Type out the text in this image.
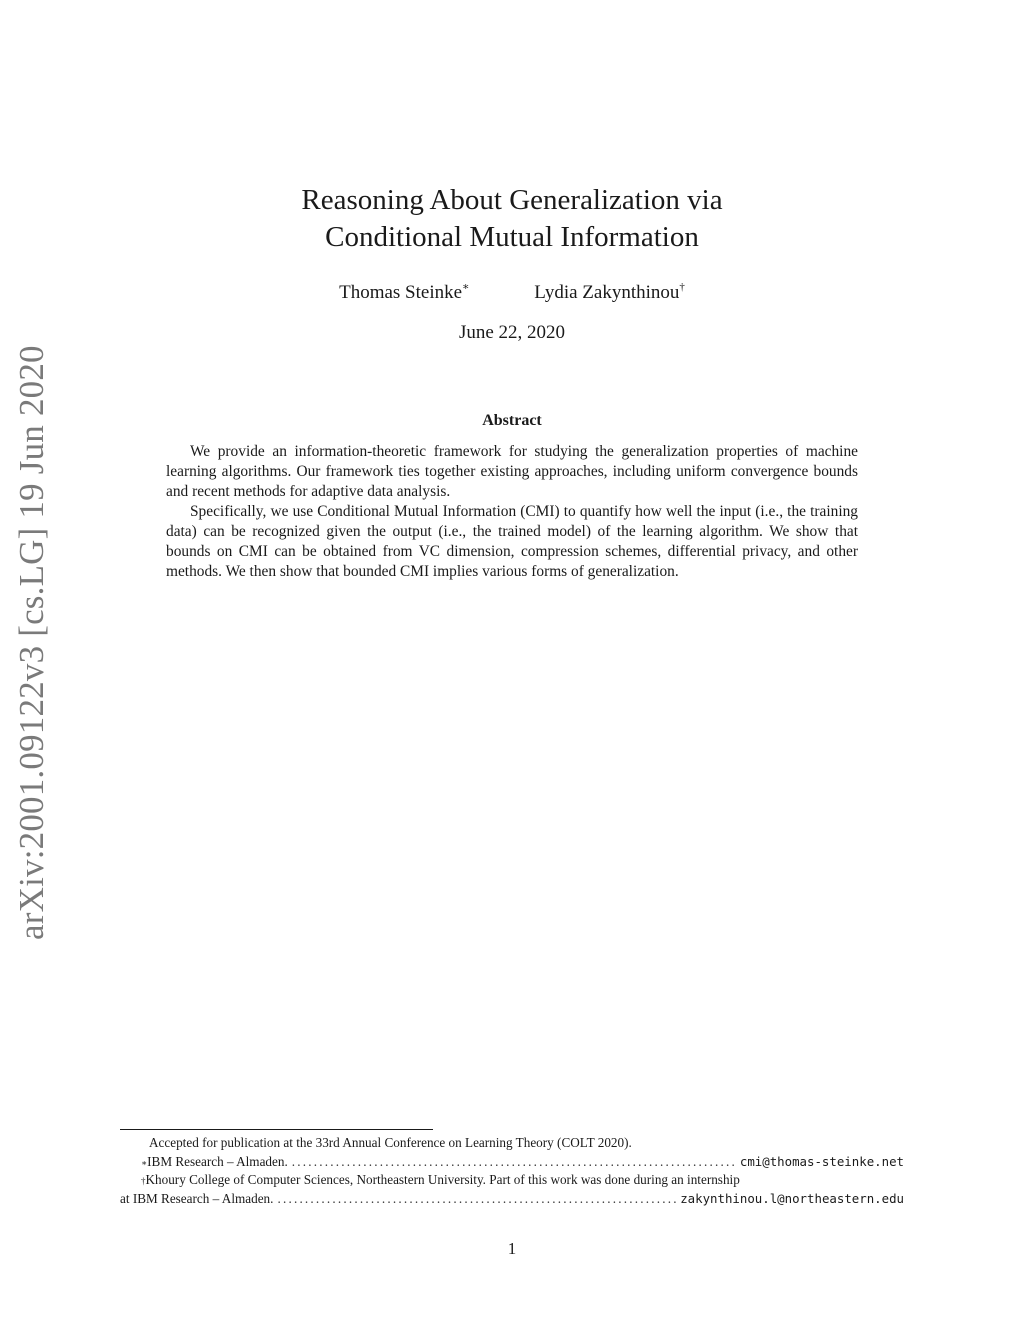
arXiv:2001.09122v3 [cs.LG] 19 Jun 2020
Reasoning About Generalization via
Conditional Mutual Information
Thomas Steinke∗	Lydia Zakynthinou†
June 22, 2020
Abstract

We provide an information-theoretic framework for studying the generalization properties of machine learning algorithms. Our framework ties together existing approaches, including uniform convergence bounds and recent methods for adaptive data analysis.

Specifically, we use Conditional Mutual Information (CMI) to quantify how well the input (i.e., the training data) can be recognized given the output (i.e., the trained model) of the learning algorithm. We show that bounds on CMI can be obtained from VC dimension, compression schemes, differential privacy, and other methods. We then show that bounded CMI implies various forms of generalization.

Accepted for publication at the 33rd Annual Conference on Learning Theory (COLT 2020).
∗ IBM Research – Almaden. .....	cmi@thomas-steinke.net
† Khoury College of Computer Sciences, Northeastern University. Part of this work was done during an internship
at IBM Research – Almaden. .....	zakynthinou.l@northeastern.edu
1
